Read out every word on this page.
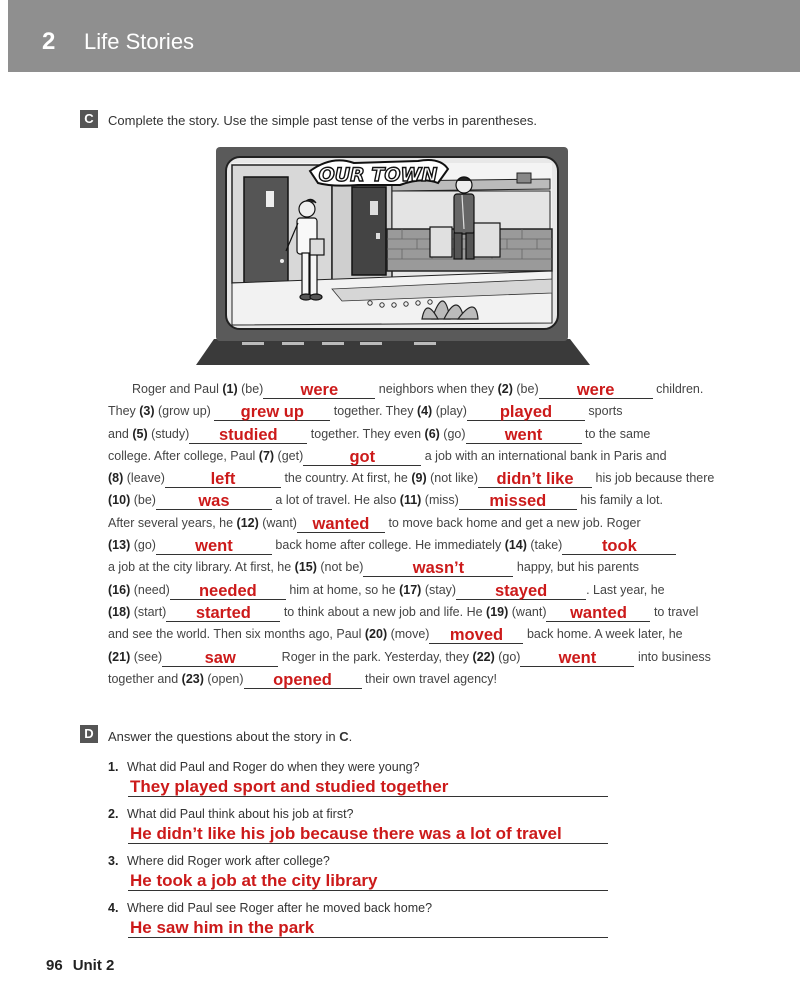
2 Life Stories
C	Complete the story. Use the simple past tense of the verbs in parentheses.
OUR TOWN
Roger and Paul (1) (be) were	neighbors when they (2) (be) were	children.
They (3) (grow up) grew up together. They (4) (play) played	sports
and (5) (study) studied together. They even (6) (go) went	to the same
college. After college, Paul (7) (get)	got	a job with an international bank in Paris and
(8) (leave)	left	the country. At first, he (9) (not like) didn’t like his job because there
(10) (be)	was	a lot of travel. He also (11) (miss) missed his family a lot.
After several years, he (12) (want) wanted to move back home and get a new job. Roger
(13) (go) went	back home after college. He immediately (14) (take) took
a job at the city library. At first, he (15) (not be)	wasn’t	happy, but his parents
(16) (need) needed him at home, so he (17) (stay) stayed	. Last year, he
(18) (start) started to think about a new job and life. He (19) (want) wanted to travel
and see the world. Then six months ago, Paul (20) (move) moved back home. A week later, he
(21) (see)	saw	Roger in the park. Yesterday, they (22) (go) went	into business
together and (23) (open) opened their own travel agency!
D	Answer the questions about the story in C.
1. What did Paul and Roger do when they were young?
They played sport and studied together
2. What did Paul think about his job at first?
He didn’t like his job because there was a lot of travel
3. Where did Roger work after college?
He took a job at the city library
4. Where did Paul see Roger after he moved back home?
He saw him in the park
96 Unit 2
